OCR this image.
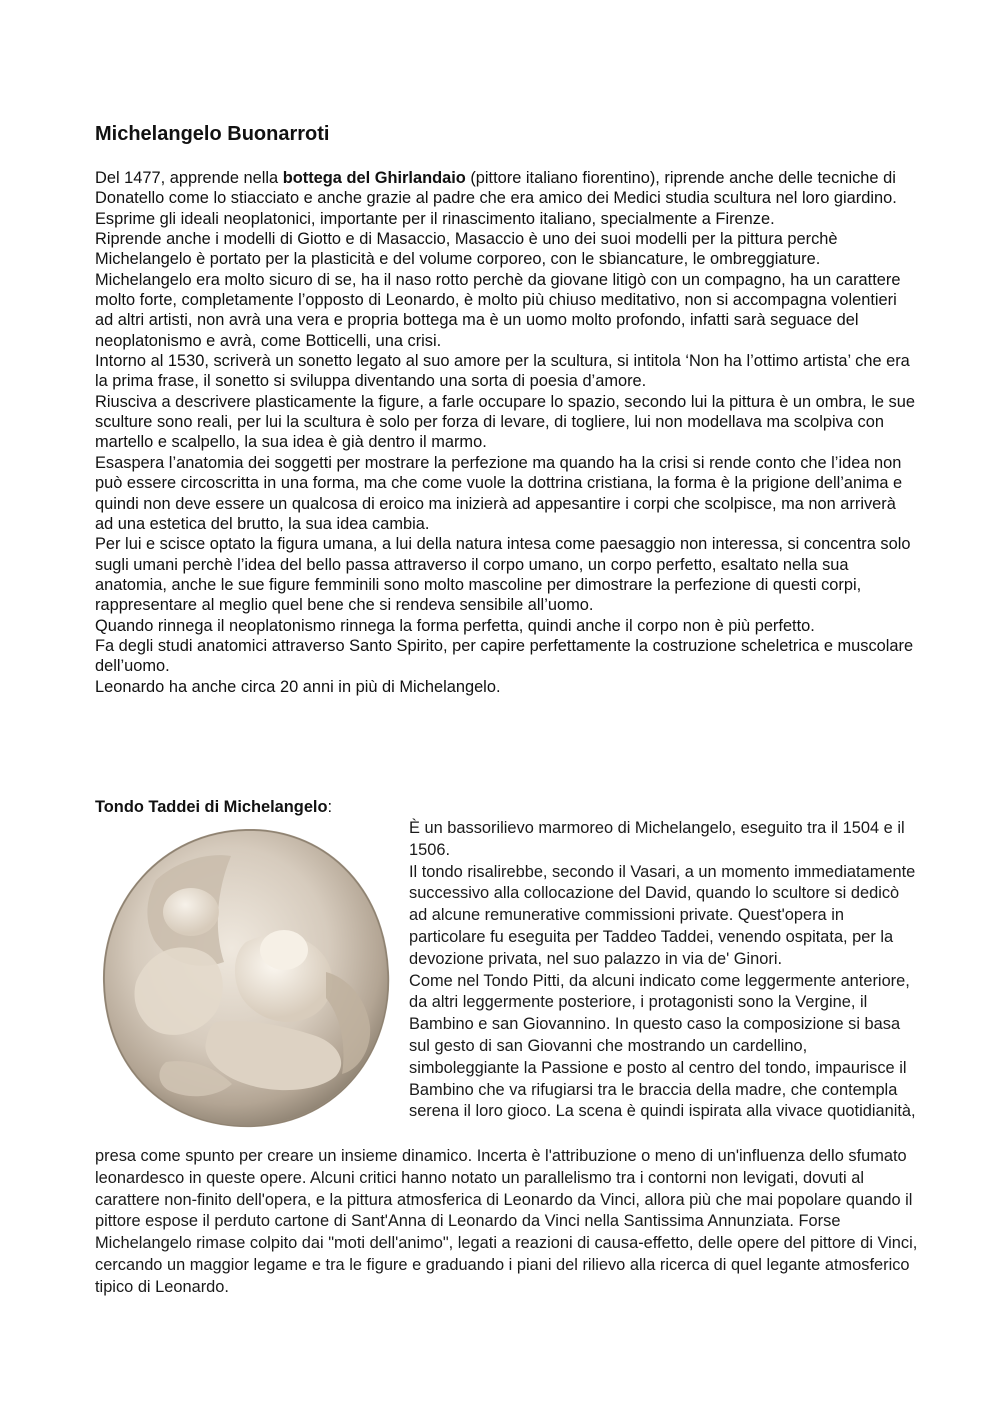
Michelangelo Buonarroti

Del 1477, apprende nella bottega del Ghirlandaio (pittore italiano fiorentino), riprende anche delle tecniche di Donatello come lo stiacciato e anche grazie al padre che era amico dei Medici studia scultura nel loro giardino.

Esprime gli ideali neoplatonici, importante per il rinascimento italiano, specialmente a Firenze.

Riprende anche i modelli di Giotto e di Masaccio, Masaccio è uno dei suoi modelli per la pittura perchè Michelangelo è portato per la plasticità e del volume corporeo, con le sbiancature, le ombreggiature.

Michelangelo era molto sicuro di se, ha il naso rotto perchè da giovane litigò con un compagno, ha un carattere molto forte, completamente l’opposto di Leonardo, è molto più chiuso meditativo, non si accompagna volentieri ad altri artisti, non avrà una vera e propria bottega ma è un uomo molto profondo, infatti sarà seguace del neoplatonismo e avrà, come Botticelli, una crisi.

Intorno al 1530, scriverà un sonetto legato al suo amore per la scultura, si intitola ‘Non ha l’ottimo artista’ che era la prima frase, il sonetto si sviluppa diventando una sorta di poesia d’amore.

Riusciva a descrivere plasticamente la figure, a farle occupare lo spazio, secondo lui la pittura è un ombra, le sue sculture sono reali, per lui la scultura è solo per forza di levare, di togliere, lui non modellava ma scolpiva con martello e scalpello, la sua idea è già dentro il marmo.

Esaspera l’anatomia dei soggetti per mostrare la perfezione ma quando ha la crisi si rende conto che l’idea non può essere circoscritta in una forma, ma che come vuole la dottrina cristiana, la forma è la prigione dell’anima e quindi non deve essere un qualcosa di eroico ma inizierà ad appesantire i corpi che scolpisce, ma non arriverà ad una estetica del brutto, la sua idea cambia.

Per lui e scisce optato la figura umana, a lui della natura intesa come paesaggio non interessa, si concentra solo sugli umani perchè l’idea del bello passa attraverso il corpo umano, un corpo perfetto, esaltato nella sua anatomia, anche le sue figure femminili sono molto mascoline per dimostrare la perfezione di questi corpi, rappresentare al meglio quel bene che si rendeva sensibile all’uomo.

Quando rinnega il neoplatonismo rinnega la forma perfetta, quindi anche il corpo non è più perfetto.

Fa degli studi anatomici attraverso Santo Spirito, per capire perfettamente la costruzione scheletrica e muscolare dell’uomo.

Leonardo ha anche circa 20 anni in più di Michelangelo.

Tondo Taddei di Michelangelo:

È un bassorilievo marmoreo di Michelangelo, eseguito tra il 1504 e il 1506.

Il tondo risalirebbe, secondo il Vasari, a un momento immediatamente successivo alla collocazione del David, quando lo scultore si dedicò ad alcune remunerative commissioni private. Quest'opera in particolare fu eseguita per Taddeo Taddei, venendo ospitata, per la devozione privata, nel suo palazzo in via de' Ginori.

Come nel Tondo Pitti, da alcuni indicato come leggermente anteriore, da altri leggermente posteriore, i protagonisti sono la Vergine, il Bambino e san Giovannino. In questo caso la composizione si basa sul gesto di san Giovanni che mostrando un cardellino, simboleggiante la Passione e posto al centro del tondo, impaurisce il Bambino che va rifugiarsi tra le braccia della madre, che contempla serena il loro gioco. La scena è quindi ispirata alla vivace quotidianità,

presa come spunto per creare un insieme dinamico. Incerta è l'attribuzione o meno di un'influenza dello sfumato leonardesco in queste opere. Alcuni critici hanno notato un parallelismo tra i contorni non levigati, dovuti al carattere non-finito dell'opera, e la pittura atmosferica di Leonardo da Vinci, allora più che mai popolare quando il pittore espose il perduto cartone di Sant'Anna di Leonardo da Vinci nella Santissima Annunziata. Forse Michelangelo rimase colpito dai "moti dell'animo", legati a reazioni di causa-effetto, delle opere del pittore di Vinci, cercando un maggior legame e tra le figure e graduando i piani del rilievo alla ricerca di quel legante atmosferico tipico di Leonardo.
